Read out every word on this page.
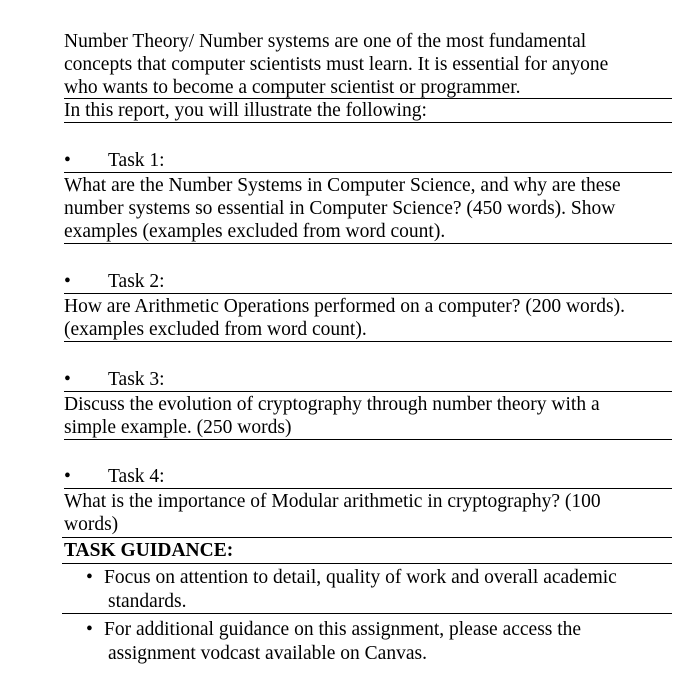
Number Theory/ Number systems are one of the most fundamental
concepts that computer scientists must learn. It is essential for anyone
who wants to become a computer scientist or programmer.
In this report, you will illustrate the following:
• Task 1:
What are the Number Systems in Computer Science, and why are these
number systems so essential in Computer Science? (450 words). Show
examples (examples excluded from word count).
• Task 2:
How are Arithmetic Operations performed on a computer? (200 words).
(examples excluded from word count).
• Task 3:
Discuss the evolution of cryptography through number theory with a
simple example. (250 words)
• Task 4:
What is the importance of Modular arithmetic in cryptography? (100
words)
TASK GUIDANCE:
• Focus on attention to detail, quality of work and overall academic
standards.
• For additional guidance on this assignment, please access the
assignment vodcast available on Canvas.
